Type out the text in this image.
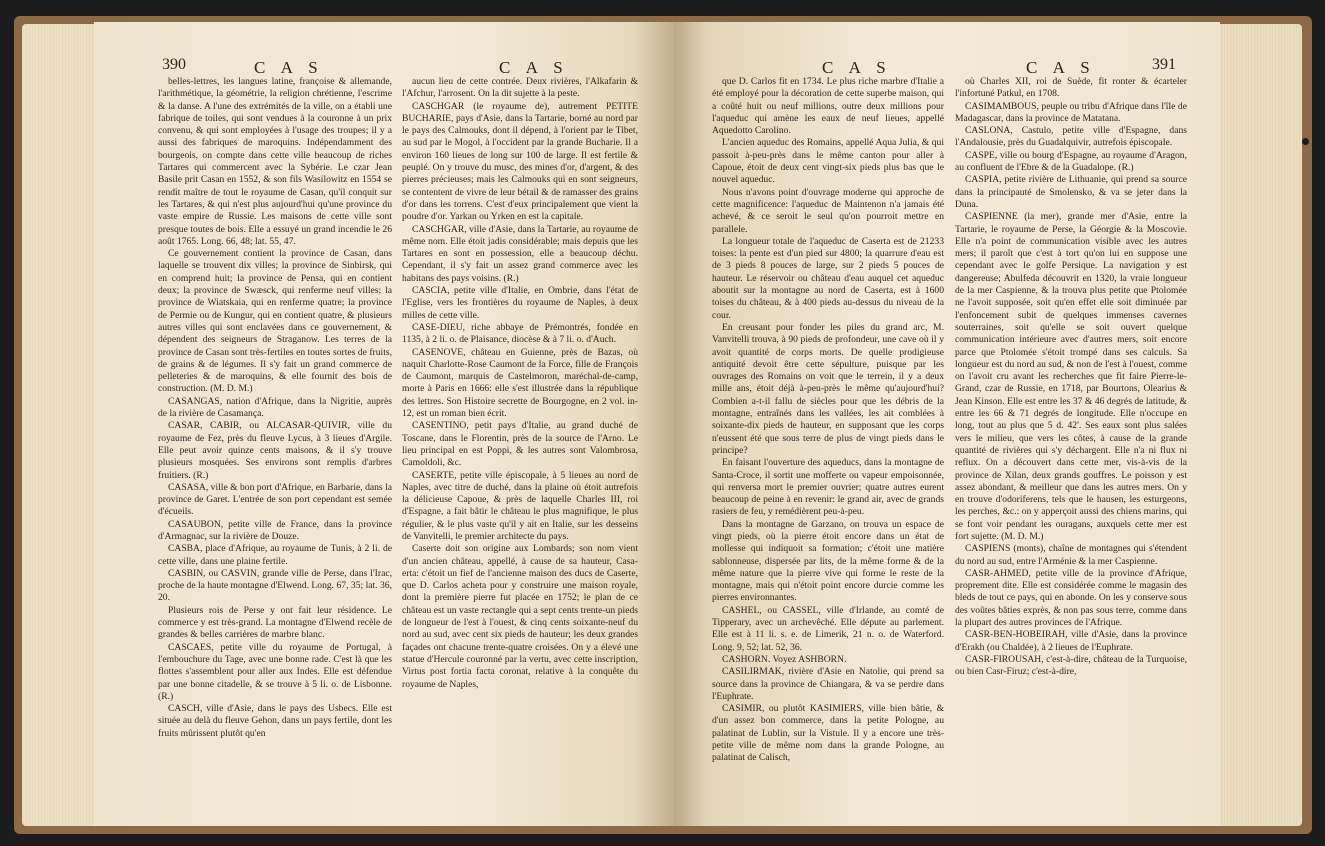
390	C A S	C A S

belles-lettres, les langues latine, françoise & allemande, l'arithmétique, la géométrie, la religion chrétienne, l'escrime & la danse. A l'une des extrémités de la ville, on a établi une fabrique de toiles, qui sont vendues à la couronne à un prix convenu, & qui sont employées à l'usage des troupes; il y a aussi des fabriques de maroquins. Indépendamment des bourgeois, on compte dans cette ville beaucoup de riches Tartares qui commercent avec la Sybérie. Le czar Jean Basile prit Casan en 1552, & son fils Wasilowitz en 1554 se rendit maître de tout le royaume de Casan, qu'il conquit sur les Tartares, & qui n'est plus aujourd'hui qu'une province du vaste empire de Russie. Les maisons de cette ville sont presque toutes de bois. Elle a essuyé un grand incendie le 26 août 1765. Long. 66, 48; lat. 55, 47.

Ce gouvernement contient la province de Casan, dans laquelle se trouvent dix villes; la province de Sinbirsk, qui en comprend huit; la province de Pensa, qui en contient deux; la province de Swæsck, qui renferme neuf villes; la province de Wiatskaia, qui en renferme quatre; la province de Permie ou de Kungur, qui en contient quatre, & plusieurs autres villes qui sont enclavées dans ce gouvernement, & dépendent des seigneurs de Straganow. Les terres de la province de Casan sont très-fertiles en toutes sortes de fruits, de grains & de légumes. Il s'y fait un grand commerce de pelleteries & de maroquins, & elle fournit des bois de construction. (M. D. M.)

CASANGAS, nation d'Afrique, dans la Nigritie, auprès de la rivière de Casamança.

CASAR, CABIR, ou ALCASAR-QUIVIR, ville du royaume de Fez, près du fleuve Lycus, à 3 lieues d'Argile. Elle peut avoir quinze cents maisons, & il s'y trouve plusieurs mosquées. Ses environs sont remplis d'arbres fruitiers. (R.)

CASASA, ville & bon port d'Afrique, en Barbarie, dans la province de Garet. L'entrée de son port cependant est semée d'écueils.

CASAUBON, petite ville de France, dans la province d'Armagnac, sur la rivière de Douze.

CASBA, place d'Afrique, au royaume de Tunis, à 2 li. de cette ville, dans une plaine fertile.

CASBIN, ou CASVIN, grande ville de Perse, dans l'Irac, proche de la haute montagne d'Elwend. Long. 67, 35; lat. 36, 20.

Plusieurs rois de Perse y ont fait leur résidence. Le commerce y est très-grand. La montagne d'Elwend recèle de grandes & belles carrières de marbre blanc.

CASCAES, petite ville du royaume de Portugal, à l'embouchure du Tage, avec une bonne rade. C'est là que les flottes s'assemblent pour aller aux Indes. Elle est défendue par une bonne citadelle, & se trouve à 5 li. o. de Lisbonne. (R.)

CASCH, ville d'Asie, dans le pays des Usbecs. Elle est située au delà du fleuve Gehon, dans un pays fertile, dont les fruits mûrissent plutôt qu'en

aucun lieu de cette contrée. Deux rivières, l'Alkafarin & l'Afchur, l'arrosent. On la dit sujette à la peste.

CASCHGAR (le royaume de), autrement PETITE BUCHARIE, pays d'Asie, dans la Tartarie, borné au nord par le pays des Calmouks, dont il dépend, à l'orient par le Tibet, au sud par le Mogol, à l'occident par la grande Bucharie. Il a environ 160 lieues de long sur 100 de large. Il est fertile & peuplé. On y trouve du musc, des mines d'or, d'argent, & des pierres précieuses; mais les Calmouks qui en sont seigneurs, se contentent de vivre de leur bétail & de ramasser des grains d'or dans les torrens. C'est d'eux principalement que vient la poudre d'or. Yarkan ou Yrken en est la capitale.

CASCHGAR, ville d'Asie, dans la Tartarie, au royaume de même nom. Elle étoit jadis considérable; mais depuis que les Tartares en sont en possession, elle a beaucoup déchu. Cependant, il s'y fait un assez grand commerce avec les habitans des pays voisins. (R.)

CASCIA, petite ville d'Italie, en Ombrie, dans l'état de l'Eglise, vers les frontières du royaume de Naples, à deux milles de cette ville.

CASE-DIEU, riche abbaye de Prémontrés, fondée en 1135, à 2 li. o. de Plaisance, diocèse & à 7 li. o. d'Auch.

CASENOVE, château en Guienne, près de Bazas, où naquit Charlotte-Rose Caumont de la Force, fille de François de Caumont, marquis de Castelmoron, maréchal-de-camp, morte à Paris en 1666: elle s'est illustrée dans la république des lettres. Son Histoire secrette de Bourgogne, en 2 vol. in-12, est un roman bien écrit.

CASENTINO, petit pays d'Italie, au grand duché de Toscane, dans le Florentin, près de la source de l'Arno. Le lieu principal en est Poppi, & les autres sont Valombrosa, Camoldoli, &c.

CASERTE, petite ville épiscopale, à 5 lieues au nord de Naples, avec titre de duché, dans la plaine où étoit autrefois la délicieuse Capoue, & près de laquelle Charles III, roi d'Espagne, a fait bâtir le château le plus magnifique, le plus régulier, & le plus vaste qu'il y ait en Italie, sur les desseins de Vanvitelli, le premier architecte du pays.

Caserte doit son origine aux Lombards; son nom vient d'un ancien château, appellé, à cause de sa hauteur, Casa-erta: c'étoit un fief de l'ancienne maison des ducs de Caserte, que D. Carlos acheta pour y construire une maison royale, dont la première pierre fut placée en 1752; le plan de ce château est un vaste rectangle qui a sept cents trente-un pieds de longueur de l'est à l'ouest, & cinq cents soixante-neuf du nord au sud, avec cent six pieds de hauteur; les deux grandes façades ont chacune trente-quatre croisées. On y a élevé une statue d'Hercule couronné par la vertu, avec cette inscription, Virtus post fortia facta coronat, relative à la conquête du royaume de Naples,

C A S	C A S	391

que D. Carlos fit en 1734. Le plus riche marbre d'Italie a été employé pour la décoration de cette superbe maison, qui a coûté huit ou neuf millions, outre deux millions pour l'aqueduc qui amène les eaux de neuf lieues, appellé Aquedotto Carolino.

L'ancien aqueduc des Romains, appellé Aqua Julia, & qui passoit à-peu-près dans le même canton pour aller à Capoue, étoit de deux cent vingt-six pieds plus bas que le nouvel aqueduc.

Nous n'avons point d'ouvrage moderne qui approche de cette magnificence: l'aqueduc de Maintenon n'a jamais été achevé, & ce seroit le seul qu'on pourroit mettre en parallele.

La longueur totale de l'aqueduc de Caserta est de 21233 toises: la pente est d'un pied sur 4800; la quarrure d'eau est de 3 pieds 8 pouces de large, sur 2 pieds 5 pouces de hauteur. Le réservoir ou château d'eau auquel cet aqueduc aboutit sur la montagne au nord de Caserta, est à 1600 toises du château, & à 400 pieds au-dessus du niveau de la cour.

En creusant pour fonder les piles du grand arc, M. Vanvitelli trouva, à 90 pieds de profondeur, une cave où il y avoit quantité de corps morts. De quelle prodigieuse antiquité devoit être cette sépulture, puisque par les ouvrages des Romains on voit que le terrein, il y a deux mille ans, étoit déjà à-peu-près le même qu'aujourd'hui? Combien a-t-il fallu de siècles pour que les débris de la montagne, entraînés dans les vallées, les ait comblées à soixante-dix pieds de hauteur, en supposant que les corps n'eussent été que sous terre de plus de vingt pieds dans le principe?

En faisant l'ouverture des aqueducs, dans la montagne de Santa-Croce, il sortit une mofferte ou vapeur empoisonnée, qui renversa mort le premier ouvrier; quatre autres eurent beaucoup de peine à en revenir: le grand air, avec de grands rasiers de feu, y remédièrent peu-à-peu.

Dans la montagne de Garzano, on trouva un espace de vingt pieds, où la pierre étoit encore dans un état de mollesse qui indiquoit sa formation; c'étoit une matière sablonneuse, dispersée par lits, de la même forme & de la même nature que la pierre vive qui forme le reste de la montagne, mais qui n'étoit point encore durcie comme les pierres environnantes.

CASHEL, ou CASSEL, ville d'Irlande, au comté de Tipperary, avec un archevêché. Elle députe au parlement. Elle est à 11 li. s. e. de Limerik, 21 n. o. de Waterford. Long. 9, 52; lat. 52, 36.

CASHORN. Voyez ASHBORN.

CASILIRMAK, rivière d'Asie en Natolie, qui prend sa source dans la province de Chiangara, & va se perdre dans l'Euphrate.

CASIMIR, ou plutôt KASIMIERS, ville bien bâtie, & d'un assez bon commerce, dans la petite Pologne, au palatinat de Lublin, sur la Vistule. Il y a encore une très-petite ville de même nom dans la grande Pologne, au palatinat de Calisch,

où Charles XII, roi de Suède, fit ronter & écarteler l'infortuné Patkul, en 1708.

CASIMAMBOUS, peuple ou tribu d'Afrique dans l'île de Madagascar, dans la province de Matatana.

CASLONA, Castulo, petite ville d'Espagne, dans l'Andalousie, près du Guadalquivir, autrefois épiscopale.

CASPE, ville ou bourg d'Espagne, au royaume d'Aragon, au confluent de l'Ebre & de la Guadalope. (R.)

CASPIA, petite rivière de Lithuanie, qui prend sa source dans la principauté de Smolensko, & va se jeter dans la Duna.

CASPIENNE (la mer), grande mer d'Asie, entre la Tartarie, le royaume de Perse, la Géorgie & la Moscovie. Elle n'a point de communication visible avec les autres mers; il paroît que c'est à tort qu'on lui en suppose une cependant avec le golfe Persique. La navigation y est dangereuse; Abulfeda découvrit en 1320, la vraie longueur de la mer Caspienne, & la trouva plus petite que Ptolomée ne l'avoit supposée, soit qu'en effet elle soit diminuée par l'enfoncement subit de quelques immenses cavernes souterraines, soit qu'elle se soit ouvert quelque communication intérieure avec d'autres mers, soit encore parce que Ptolomée s'étoit trompé dans ses calculs. Sa longueur est du nord au sud, & non de l'est à l'ouest, comme on l'avoit cru avant les recherches que fit faire Pierre-le-Grand, czar de Russie, en 1718, par Bourtons, Olearius & Jean Kinson. Elle est entre les 37 & 46 degrés de latitude, & entre les 66 & 71 degrés de longitude. Elle n'occupe en long, tout au plus que 5 d. 42'. Ses eaux sont plus salées vers le milieu, que vers les côtes, à cause de la grande quantité de rivières qui s'y déchargent. Elle n'a ni flux ni reflux. On a découvert dans cette mer, vis-à-vis de la province de Xilan, deux grands gouffres. Le poisson y est assez abondant, & meilleur que dans les autres mers. On y en trouve d'odoriferens, tels que le hausen, les esturgeons, les perches, &c.: on y apperçoit aussi des chiens marins, qui se font voir pendant les ouragans, auxquels cette mer est fort sujette. (M. D. M.)

CASPIENS (monts), chaîne de montagnes qui s'étendent du nord au sud, entre l'Arménie & la mer Caspienne.

CASR-AHMED, petite ville de la province d'Afrique, proprement dite. Elle est considérée comme le magasin des bleds de tout ce pays, qui en abonde. On les y conserve sous des voûtes bâties exprès, & non pas sous terre, comme dans la plupart des autres provinces de l'Afrique.

CASR-BEN-HOBEIRAH, ville d'Asie, dans la province d'Erakh (ou Chaldée), à 2 lieues de l'Euphrate.

CASR-FIROUSAH, c'est-à-dire, château de la Turquoise, ou bien Casr-Firuz; c'est-à-dire,
